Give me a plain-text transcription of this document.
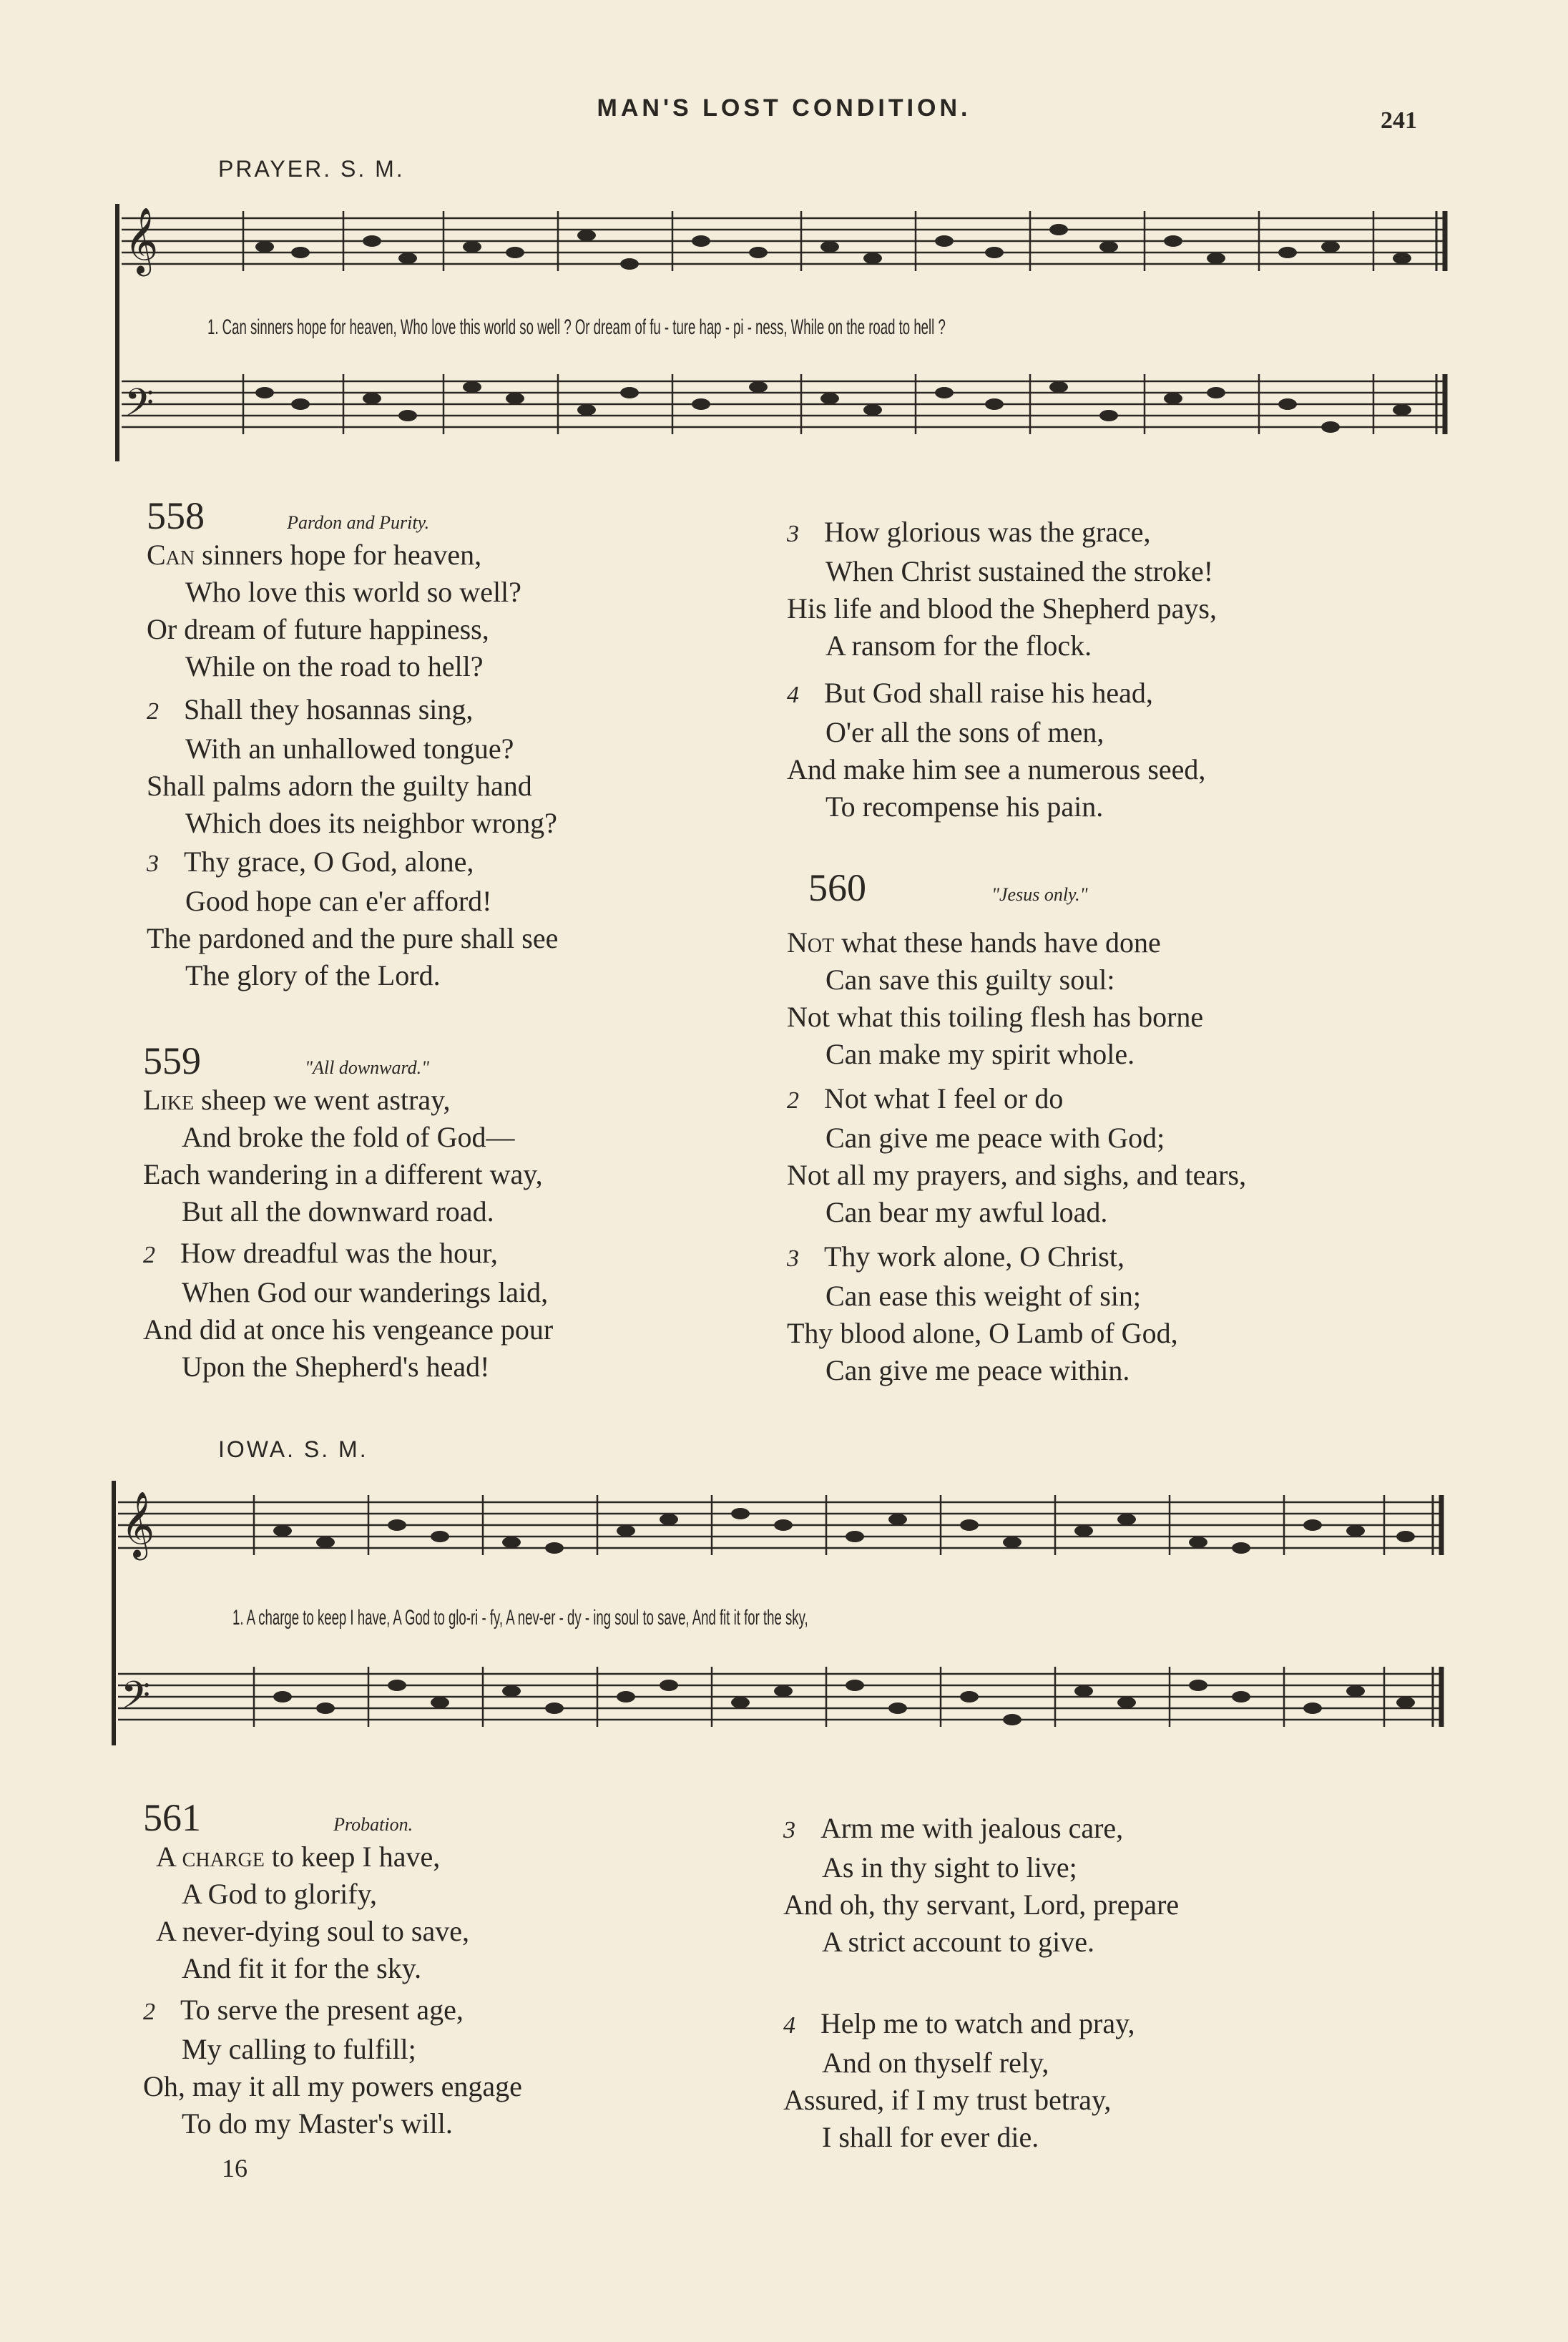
MAN'S LOST CONDITION.	241
PRAYER. S. M.
𝄞
𝄢
1. Can sinners hope for heaven, Who love this world so well ? Or dream of fu - ture hap - pi - ness, While on the road to hell ?
558	Pardon and Purity.
Can sinners hope for heaven,
Who love this world so well?
Or dream of future happiness,
While on the road to hell?
2 Shall they hosannas sing,
With an unhallowed tongue?
Shall palms adorn the guilty hand
Which does its neighbor wrong?
3 Thy grace, O God, alone,
Good hope can e'er afford!
The pardoned and the pure shall see
The glory of the Lord.
559	"All downward."
Like sheep we went astray,
And broke the fold of God—
Each wandering in a different way,
But all the downward road.
2 How dreadful was the hour,
When God our wanderings laid,
And did at once his vengeance pour
Upon the Shepherd's head!
3 How glorious was the grace,
When Christ sustained the stroke!
His life and blood the Shepherd pays,
A ransom for the flock.
4 But God shall raise his head,
O'er all the sons of men,
And make him see a numerous seed,
To recompense his pain.
560	"Jesus only."
Not what these hands have done
Can save this guilty soul:
Not what this toiling flesh has borne
Can make my spirit whole.
2 Not what I feel or do
Can give me peace with God;
Not all my prayers, and sighs, and tears,
Can bear my awful load.
3 Thy work alone, O Christ,
Can ease this weight of sin;
Thy blood alone, O Lamb of God,
Can give me peace within.
IOWA. S. M.
𝄞
𝄢
1. A charge to keep I have, A God to glo-ri - fy, A nev-er - dy - ing soul to save, And fit it for the sky,
561	Probation.
A charge to keep I have,
A God to glorify,
A never-dying soul to save,
And fit it for the sky.
2 To serve the present age,
My calling to fulfill;
Oh, may it all my powers engage
To do my Master's will.
3 Arm me with jealous care,
As in thy sight to live;
And oh, thy servant, Lord, prepare
A strict account to give.
4 Help me to watch and pray,
And on thyself rely,
Assured, if I my trust betray,
I shall for ever die.
16
